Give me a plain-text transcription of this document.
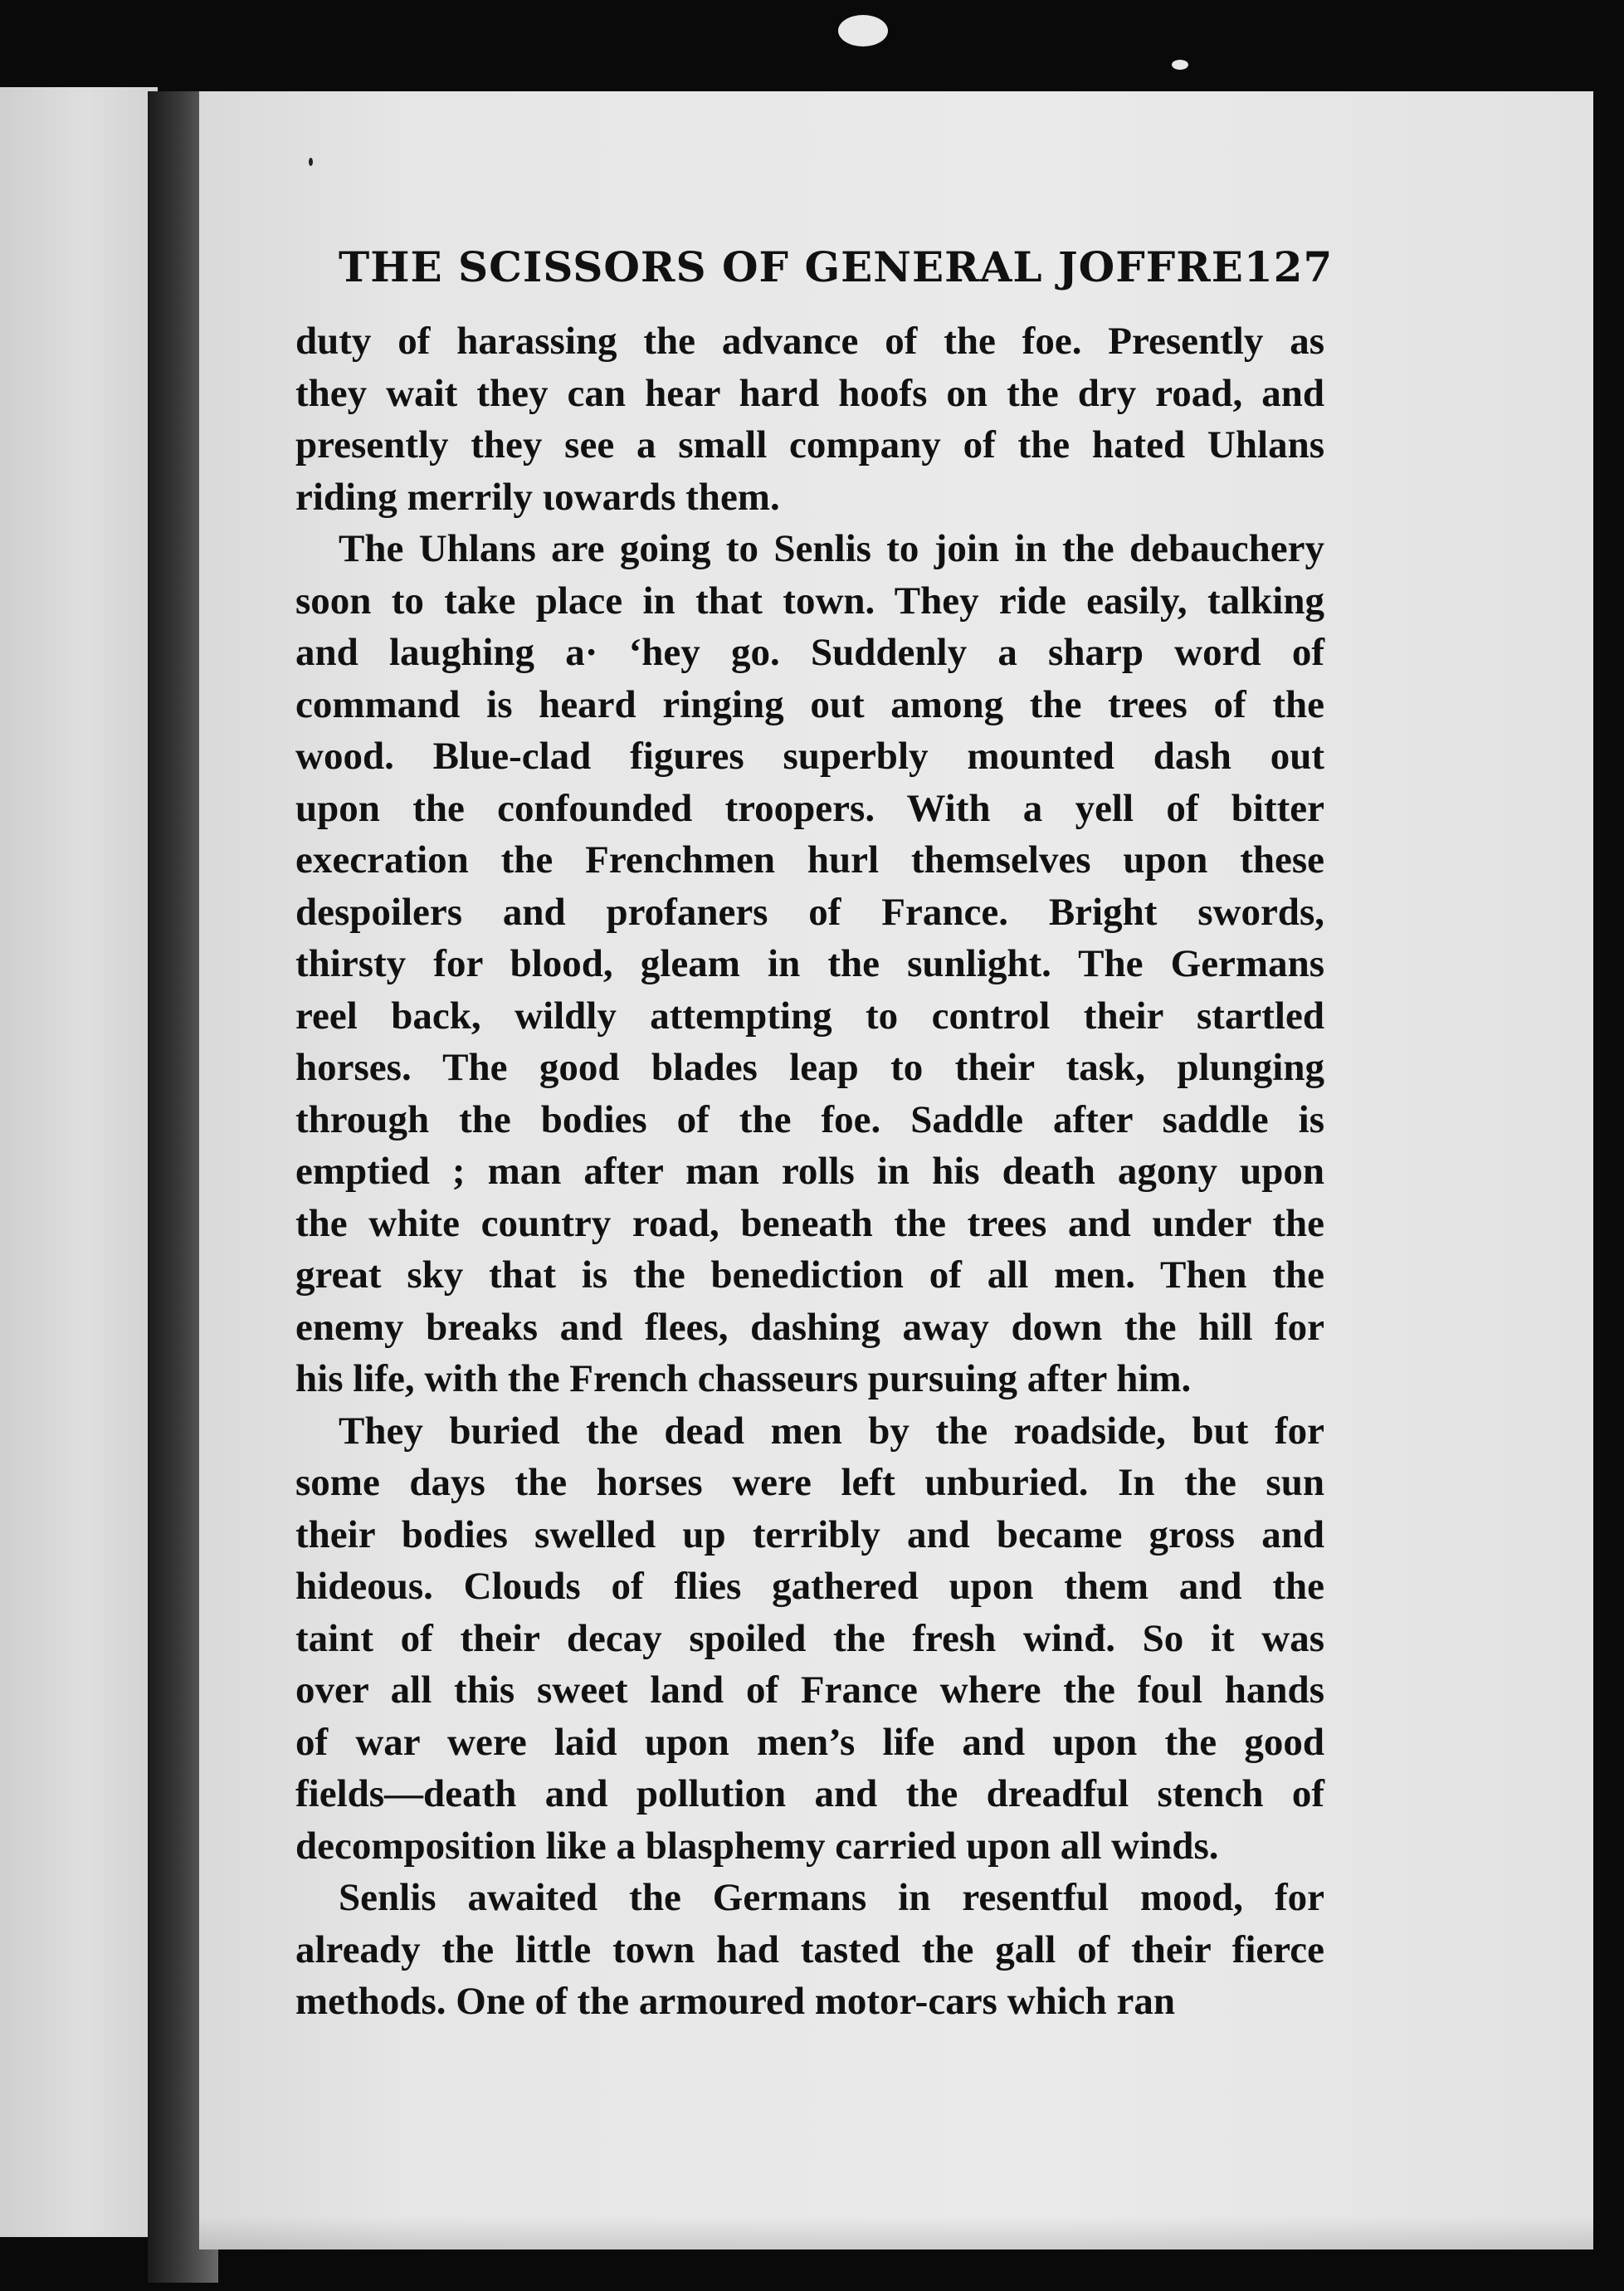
THE SCISSORS OF GENERAL JOFFRE 127
duty of harassing the advance of the foe. Presently as
they wait they can hear hard hoofs on the dry road, and
presently they see a small company of the hated Uhlans
riding merrily ιοwards them.
The Uhlans are going to Senlis to join in the debauchery
soon to take place in that town. They ride easily, talking
and laughing a· ‘hey go. Suddenly a sharp word of
command is heard ringing out among the trees of the
wood. Blue-clad figures superbly mounted dash out
upon the confounded troopers. With a yell of bitter
execration the Frenchmen hurl themselves upon these
despoilers and profaners of France. Bright swords,
thirsty for blood, gleam in the sunlight. The Germans
reel back, wildly attempting to control their startled
horses. The good blades leap to their task, plunging
through the bodies of the foe. Saddle after saddle is
emptied ; man after man rolls in his death agony upon
the white country road, beneath the trees and under the
great sky that is the benediction of all men. Then the
enemy breaks and flees, dashing away down the hill for
his life, with the French chasseurs pursuing after him.
They buried the dead men by the roadside, but for
some days the horses were left unburied. In the sun
their bodies swelled up terribly and became gross and
hideous. Clouds of flies gathered upon them and the
taint of their decay spoiled the fresh winđ. So it was
over all this sweet land of France where the foul hands
of war were laid upon men’s life and upon the good
fields—death and pollution and the dreadful stench of
decomposition like a blasphemy carried upon all winds.
Senlis awaited the Germans in resentful mood, for
already the little town had tasted the gall of their fierce
methods. One of the armoured motor-cars which ran
